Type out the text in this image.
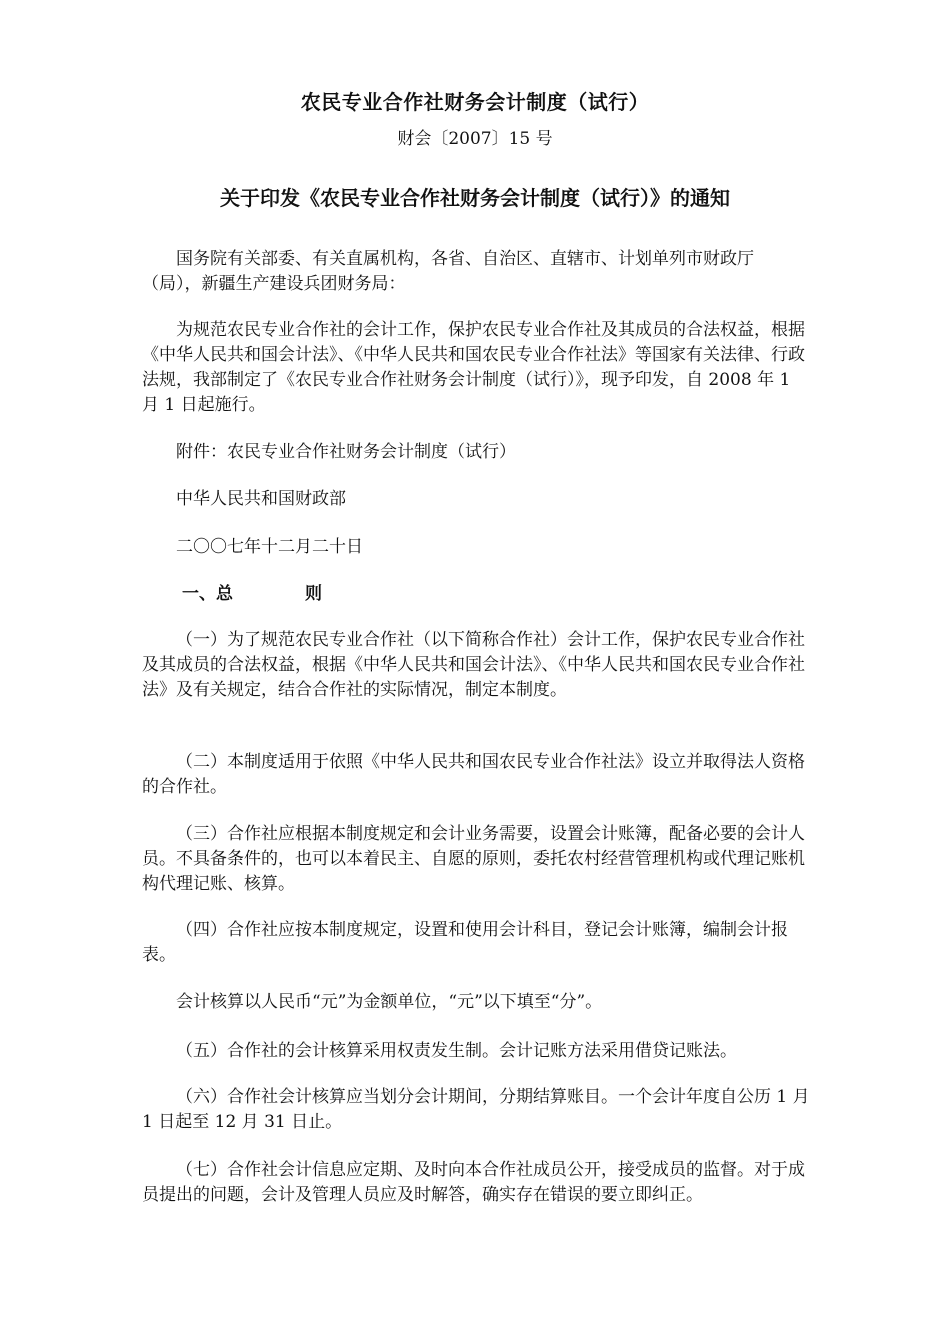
农民专业合作社财务会计制度（试行）
财会〔2007〕15 号
关于印发《农民专业合作社财务会计制度（试行）》的通知

国务院有关部委、有关直属机构，各省、自治区、直辖市、计划单列市财政厅（局），新疆生产建设兵团财务局：

为规范农民专业合作社的会计工作，保护农民专业合作社及其成员的合法权益，根据《中华人民共和国会计法》、《中华人民共和国农民专业合作社法》等国家有关法律、行政法规，我部制定了《农民专业合作社财务会计制度（试行）》，现予印发，自 2008 年 1 月 1 日起施行。

附件：农民专业合作社财务会计制度（试行）

中华人民共和国财政部

二〇〇七年十二月二十日

一、总	则

（一）为了规范农民专业合作社（以下简称合作社）会计工作，保护农民专业合作社及其成员的合法权益，根据《中华人民共和国会计法》、《中华人民共和国农民专业合作社法》及有关规定，结合合作社的实际情况，制定本制度。

（二）本制度适用于依照《中华人民共和国农民专业合作社法》设立并取得法人资格的合作社。

（三）合作社应根据本制度规定和会计业务需要，设置会计账簿，配备必要的会计人员。不具备条件的，也可以本着民主、自愿的原则，委托农村经营管理机构或代理记账机构代理记账、核算。

（四）合作社应按本制度规定，设置和使用会计科目，登记会计账簿，编制会计报表。

会计核算以人民币“元”为金额单位，“元”以下填至“分”。

（五）合作社的会计核算采用权责发生制。会计记账方法采用借贷记账法。

（六）合作社会计核算应当划分会计期间，分期结算账目。一个会计年度自公历 1 月 1 日起至 12 月 31 日止。

（七）合作社会计信息应定期、及时向本合作社成员公开，接受成员的监督。对于成员提出的问题，会计及管理人员应及时解答，确实存在错误的要立即纠正。
